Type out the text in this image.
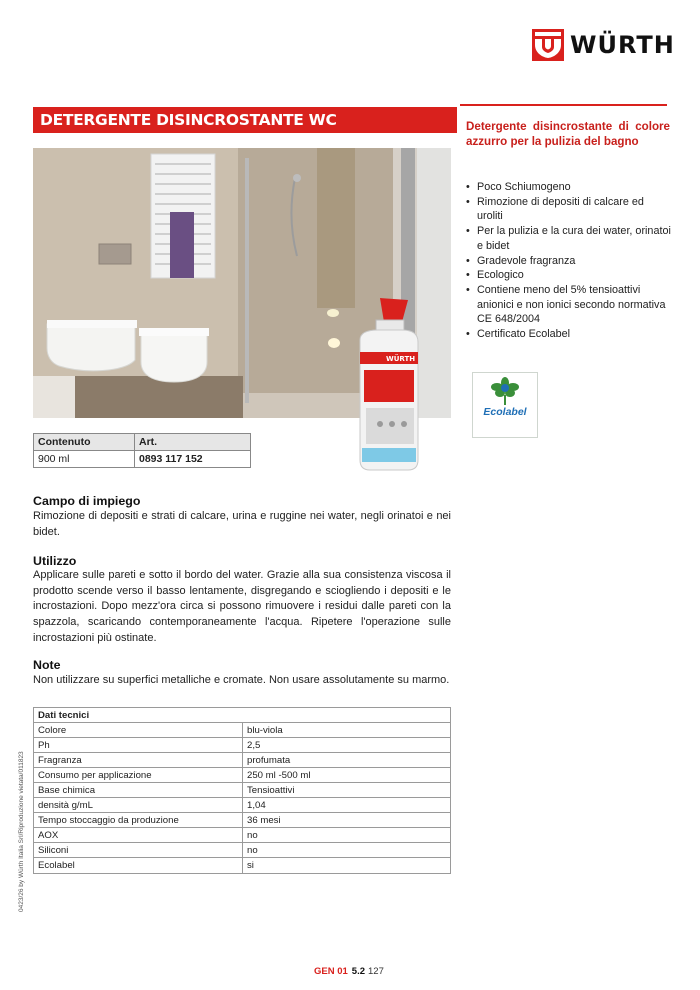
WÜRTH
DETERGENTE DISINCROSTANTE WC	Detergente disincrostante di colore azzurro per la pulizia del bagno
• Poco Schiumogeno
• Rimozione di depositi di calcare ed uroliti
• Per la pulizia e la cura dei water, orinatoi e bidet
• Gradevole fragranza
• Ecologico
• Contiene meno del 5% tensioattivi anionici e non ionici secondo normativa CE 648/2004
• Certificato Ecolabel
Ecolabel
Contenuto	Art.
900 ml	0893 117 152
WÜRTH
Campo di impiego

Rimozione di depositi e strati di calcare, urina e ruggine nei water, negli orinatoi e nei bidet.

Utilizzo

Applicare sulle pareti e sotto il bordo del water. Grazie alla sua consistenza viscosa il prodotto scende verso il basso lentamente, disgregando e sciogliendo i depositi e le incrostazioni. Dopo mezz'ora circa si possono rimuovere i residui dalle pareti con la spazzola, scaricando contemporaneamente l'acqua. Ripetere l'operazione sulle incrostazioni più ostinate.

Note

Non utilizzare su superfici metalliche e cromate. Non usare assolutamente su marmo.

Dati tecnici	
Colore	blu-viola
Ph	2,5
Fragranza	profumata
Consumo per applicazione	250 ml -500 ml
Base chimica	Tensioattivi
densità g/mL	1,04
Tempo stoccaggio da produzione	36 mesi
AOX	no
Siliconi	no
Ecolabel	si
0423/26 by Würth Italia Srl/Riproduzione vietata/011823
GEN 01 5.2 127
